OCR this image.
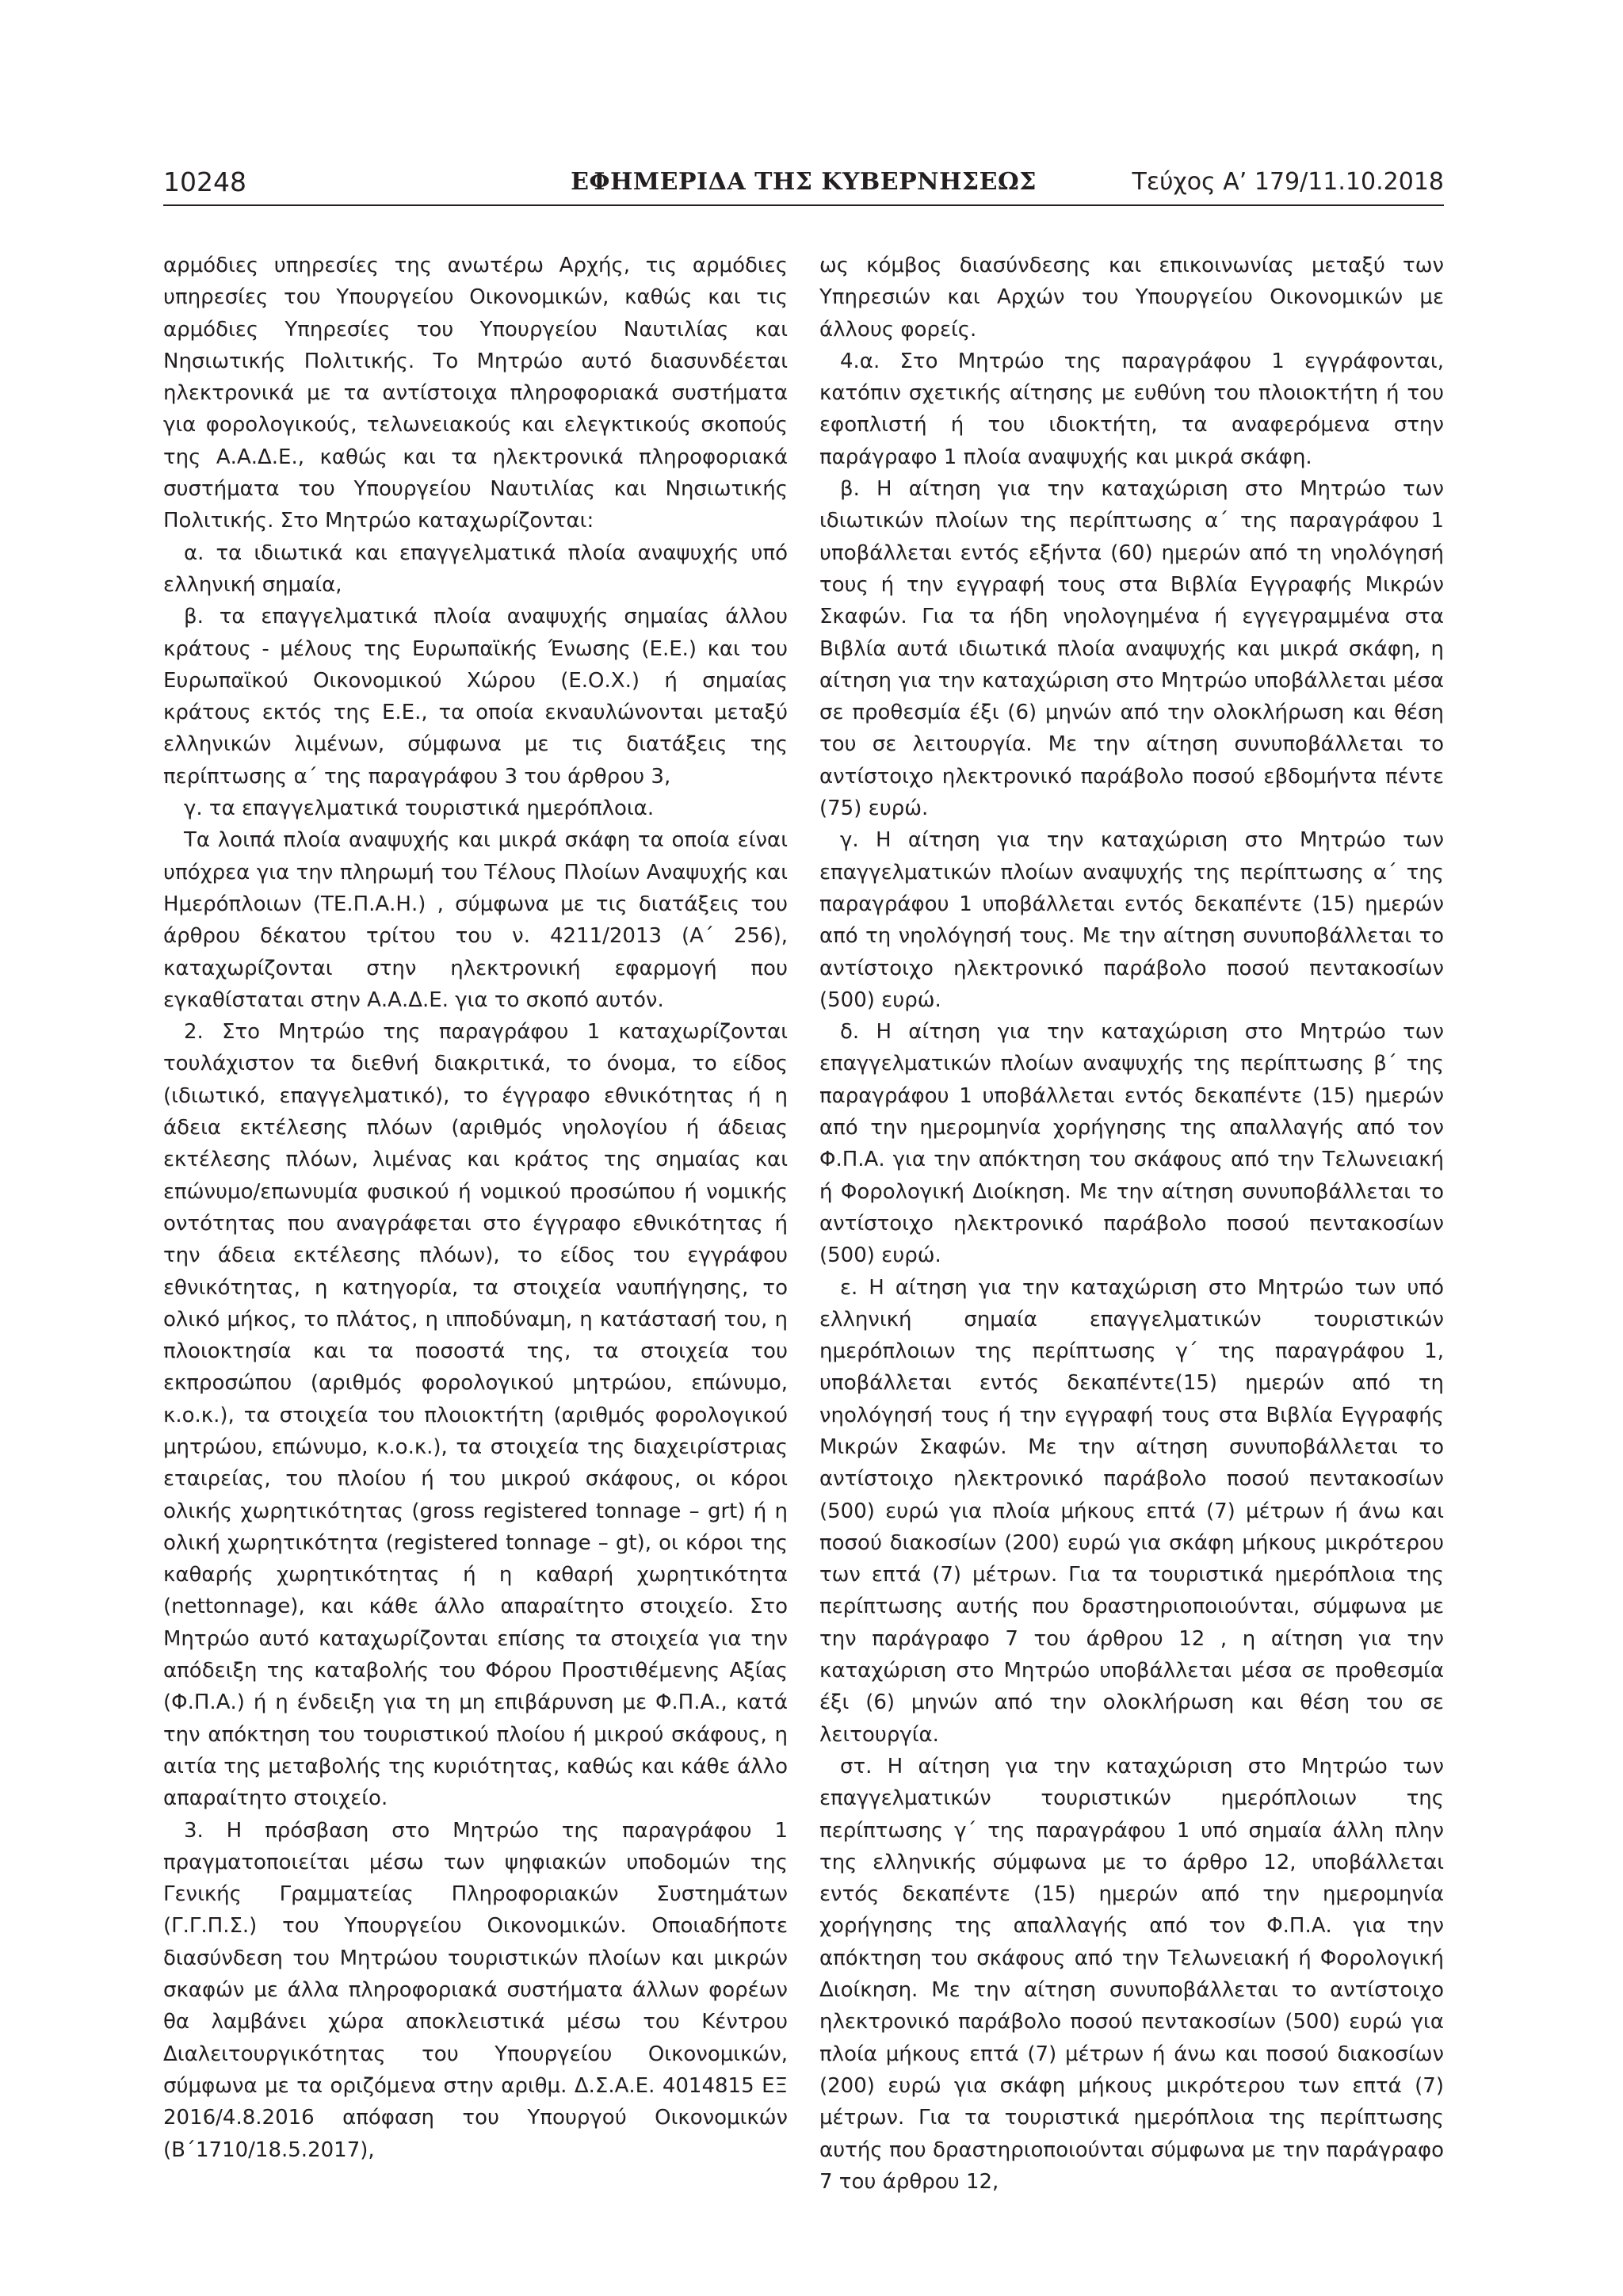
10248	ΕΦΗΜΕΡΙΔΑ ΤΗΣ ΚΥΒΕΡΝΗΣΕΩΣ	Τεύχος Α’ 179/11.10.2018

αρμόδιες υπηρεσίες της ανωτέρω Αρχής, τις αρμόδιες υπηρεσίες του Υπουργείου Οικονομικών, καθώς και τις αρμόδιες Υπηρεσίες του Υπουργείου Ναυτιλίας και Νησιωτικής Πολιτικής. Το Μητρώο αυτό διασυνδέεται ηλεκτρονικά με τα αντίστοιχα πληροφοριακά συστήματα για φορολογικούς, τελωνειακούς και ελεγκτικούς σκοπούς της Α.Α.Δ.Ε., καθώς και τα ηλεκτρονικά πληροφοριακά συστήματα του Υπουργείου Ναυτιλίας και Νησιωτικής Πολιτικής. Στο Μητρώο καταχωρίζονται:

α. τα ιδιωτικά και επαγγελματικά πλοία αναψυχής υπό ελληνική σημαία,

β. τα επαγγελματικά πλοία αναψυχής σημαίας άλλου κράτους - μέλους της Ευρωπαϊκής Ένωσης (Ε.Ε.) και του Ευρωπαϊκού Οικονομικού Χώρου (Ε.Ο.Χ.) ή σημαίας κράτους εκτός της Ε.Ε., τα οποία εκναυλώνονται μεταξύ ελληνικών λιμένων, σύμφωνα με τις διατάξεις της περίπτωσης α΄ της παραγράφου 3 του άρθρου 3,

γ. τα επαγγελματικά τουριστικά ημερόπλοια.

Τα λοιπά πλοία αναψυχής και μικρά σκάφη τα οποία είναι υπόχρεα για την πληρωμή του Τέλους Πλοίων Αναψυχής και Ημερόπλοιων (ΤΕ.Π.Α.Η.) , σύμφωνα με τις διατάξεις του άρθρου δέκατου τρίτου του ν. 4211/2013 (Α΄ 256), καταχωρίζονται στην ηλεκτρονική εφαρμογή που εγκαθίσταται στην Α.Α.Δ.Ε. για το σκοπό αυτόν.

2. Στο Μητρώο της παραγράφου 1 καταχωρίζονται τουλάχιστον τα διεθνή διακριτικά, το όνομα, το είδος (ιδιωτικό, επαγγελματικό), το έγγραφο εθνικότητας ή η άδεια εκτέλεσης πλόων (αριθμός νηολογίου ή άδειας εκτέλεσης πλόων, λιμένας και κράτος της σημαίας και επώνυμο/επωνυμία φυσικού ή νομικού προσώπου ή νομικής οντότητας που αναγράφεται στο έγγραφο εθνικότητας ή την άδεια εκτέλεσης πλόων), το είδος του εγγράφου εθνικότητας, η κατηγορία, τα στοιχεία ναυπήγησης, το ολικό μήκος, το πλάτος, η ιπποδύναμη, η κατάστασή του, η πλοιοκτησία και τα ποσοστά της, τα στοιχεία του εκπροσώπου (αριθμός φορολογικού μητρώου, επώνυμο, κ.ο.κ.), τα στοιχεία του πλοιοκτήτη (αριθμός φορολογικού μητρώου, επώνυμο, κ.ο.κ.), τα στοιχεία της διαχειρίστριας εταιρείας, του πλοίου ή του μικρού σκάφους, οι κόροι ολικής χωρητικότητας (gross registered tonnage – grt) ή η ολική χωρητικότητα (registered tonnage – gt), οι κόροι της καθαρής χωρητικότητας ή η καθαρή χωρητικότητα (nettonnage), και κάθε άλλο απαραίτητο στοιχείο. Στο Μητρώο αυτό καταχωρίζονται επίσης τα στοιχεία για την απόδειξη της καταβολής του Φόρου Προστιθέμενης Αξίας (Φ.Π.Α.) ή η ένδειξη για τη μη επιβάρυνση με Φ.Π.Α., κατά την απόκτηση του τουριστικού πλοίου ή μικρού σκάφους, η αιτία της μεταβολής της κυριότητας, καθώς και κάθε άλλο απαραίτητο στοιχείο.

3. Η πρόσβαση στο Μητρώο της παραγράφου 1 πραγματοποιείται μέσω των ψηφιακών υποδομών της Γενικής Γραμματείας Πληροφοριακών Συστημάτων (Γ.Γ.Π.Σ.) του Υπουργείου Οικονομικών. Οποιαδήποτε διασύνδεση του Μητρώου τουριστικών πλοίων και μικρών σκαφών με άλλα πληροφοριακά συστήματα άλλων φορέων θα λαμβάνει χώρα αποκλειστικά μέσω του Κέντρου Διαλειτουργικότητας του Υπουργείου Οικονομικών, σύμφωνα με τα οριζόμενα στην αριθμ. Δ.Σ.Α.Ε. 4014815 ΕΞ 2016/4.8.2016 απόφαση του Υπουργού Οικονομικών (Β΄1710/18.5.2017),

ως κόμβος διασύνδεσης και επικοινωνίας μεταξύ των Υπηρεσιών και Αρχών του Υπουργείου Οικονομικών με άλλους φορείς.

4.α. Στο Μητρώο της παραγράφου 1 εγγράφονται, κατόπιν σχετικής αίτησης με ευθύνη του πλοιοκτήτη ή του εφοπλιστή ή του ιδιοκτήτη, τα αναφερόμενα στην παράγραφο 1 πλοία αναψυχής και μικρά σκάφη.

β. Η αίτηση για την καταχώριση στο Μητρώο των ιδιωτικών πλοίων της περίπτωσης α΄ της παραγράφου 1 υποβάλλεται εντός εξήντα (60) ημερών από τη νηολόγησή τους ή την εγγραφή τους στα Βιβλία Εγγραφής Μικρών Σκαφών. Για τα ήδη νηολογημένα ή εγγεγραμμένα στα Βιβλία αυτά ιδιωτικά πλοία αναψυχής και μικρά σκάφη, η αίτηση για την καταχώριση στο Μητρώο υποβάλλεται μέσα σε προθεσμία έξι (6) μηνών από την ολοκλήρωση και θέση του σε λειτουργία. Με την αίτηση συνυποβάλλεται το αντίστοιχο ηλεκτρονικό παράβολο ποσού εβδομήντα πέντε (75) ευρώ.

γ. Η αίτηση για την καταχώριση στο Μητρώο των επαγγελματικών πλοίων αναψυχής της περίπτωσης α΄ της παραγράφου 1 υποβάλλεται εντός δεκαπέντε (15) ημερών από τη νηολόγησή τους. Με την αίτηση συνυποβάλλεται το αντίστοιχο ηλεκτρονικό παράβολο ποσού πεντακοσίων (500) ευρώ.

δ. Η αίτηση για την καταχώριση στο Μητρώο των επαγγελματικών πλοίων αναψυχής της περίπτωσης β΄ της παραγράφου 1 υποβάλλεται εντός δεκαπέντε (15) ημερών από την ημερομηνία χορήγησης της απαλλαγής από τον Φ.Π.Α. για την απόκτηση του σκάφους από την Τελωνειακή ή Φορολογική Διοίκηση. Με την αίτηση συνυποβάλλεται το αντίστοιχο ηλεκτρονικό παράβολο ποσού πεντακοσίων (500) ευρώ.

ε. Η αίτηση για την καταχώριση στο Μητρώο των υπό ελληνική σημαία επαγγελματικών τουριστικών ημερόπλοιων της περίπτωσης γ΄ της παραγράφου 1, υποβάλλεται εντός δεκαπέντε(15) ημερών από τη νηολόγησή τους ή την εγγραφή τους στα Βιβλία Εγγραφής Μικρών Σκαφών. Με την αίτηση συνυποβάλλεται το αντίστοιχο ηλεκτρονικό παράβολο ποσού πεντακοσίων (500) ευρώ για πλοία μήκους επτά (7) μέτρων ή άνω και ποσού διακοσίων (200) ευρώ για σκάφη μήκους μικρότερου των επτά (7) μέτρων. Για τα τουριστικά ημερόπλοια της περίπτωσης αυτής που δραστηριοποιούνται, σύμφωνα με την παράγραφο 7 του άρθρου 12 , η αίτηση για την καταχώριση στο Μητρώο υποβάλλεται μέσα σε προθεσμία έξι (6) μηνών από την ολοκλήρωση και θέση του σε λειτουργία.

στ. Η αίτηση για την καταχώριση στο Μητρώο των επαγγελματικών τουριστικών ημερόπλοιων της περίπτωσης γ΄ της παραγράφου 1 υπό σημαία άλλη πλην της ελληνικής σύμφωνα με το άρθρο 12, υποβάλλεται εντός δεκαπέντε (15) ημερών από την ημερομηνία χορήγησης της απαλλαγής από τον Φ.Π.Α. για την απόκτηση του σκάφους από την Τελωνειακή ή Φορολογική Διοίκηση. Με την αίτηση συνυποβάλλεται το αντίστοιχο ηλεκτρονικό παράβολο ποσού πεντακοσίων (500) ευρώ για πλοία μήκους επτά (7) μέτρων ή άνω και ποσού διακοσίων (200) ευρώ για σκάφη μήκους μικρότερου των επτά (7) μέτρων. Για τα τουριστικά ημερόπλοια της περίπτωσης αυτής που δραστηριοποιούνται σύμφωνα με την παράγραφο 7 του άρθρου 12,
